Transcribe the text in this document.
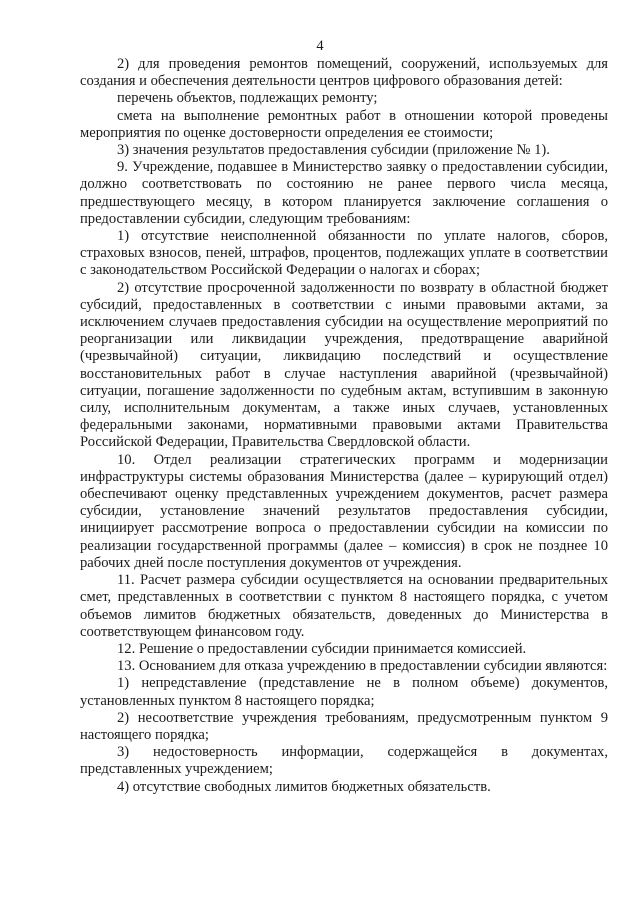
4

2) для проведения ремонтов помещений, сооружений, используемых для создания и обеспечения деятельности центров цифрового образования детей:

перечень объектов, подлежащих ремонту;

смета на выполнение ремонтных работ в отношении которой проведены мероприятия по оценке достоверности определения ее стоимости;

3) значения результатов предоставления субсидии (приложение № 1).

9. Учреждение, подавшее в Министерство заявку о предоставлении субсидии, должно соответствовать по состоянию не ранее первого числа месяца, предшествующего месяцу, в котором планируется заключение соглашения о предоставлении субсидии, следующим требованиям:

1) отсутствие неисполненной обязанности по уплате налогов, сборов, страховых взносов, пеней, штрафов, процентов, подлежащих уплате в соответствии с законодательством Российской Федерации о налогах и сборах;

2) отсутствие просроченной задолженности по возврату в областной бюджет субсидий, предоставленных в соответствии с иными правовыми актами, за исключением случаев предоставления субсидии на осуществление мероприятий по реорганизации или ликвидации учреждения, предотвращение аварийной (чрезвычайной) ситуации, ликвидацию последствий и осуществление восстановительных работ в случае наступления аварийной (чрезвычайной) ситуации, погашение задолженности по судебным актам, вступившим в законную силу, исполнительным документам, а также иных случаев, установленных федеральными законами, нормативными правовыми актами Правительства Российской Федерации, Правительства Свердловской области.

10. Отдел реализации стратегических программ и модернизации инфраструктуры системы образования Министерства (далее – курирующий отдел) обеспечивают оценку представленных учреждением документов, расчет размера субсидии, установление значений результатов предоставления субсидии, инициирует рассмотрение вопроса о предоставлении субсидии на комиссии по реализации государственной программы (далее – комиссия) в срок не позднее 10 рабочих дней после поступления документов от учреждения.

11. Расчет размера субсидии осуществляется на основании предварительных смет, представленных в соответствии с пунктом 8 настоящего порядка, с учетом объемов лимитов бюджетных обязательств, доведенных до Министерства в соответствующем финансовом году.

12. Решение о предоставлении субсидии принимается комиссией.

13. Основанием для отказа учреждению в предоставлении субсидии являются:

1) непредставление (представление не в полном объеме) документов, установленных пунктом 8 настоящего порядка;

2) несоответствие учреждения требованиям, предусмотренным пунктом 9 настоящего порядка;

3) недостоверность информации, содержащейся в документах, представленных учреждением;

4) отсутствие свободных лимитов бюджетных обязательств.
